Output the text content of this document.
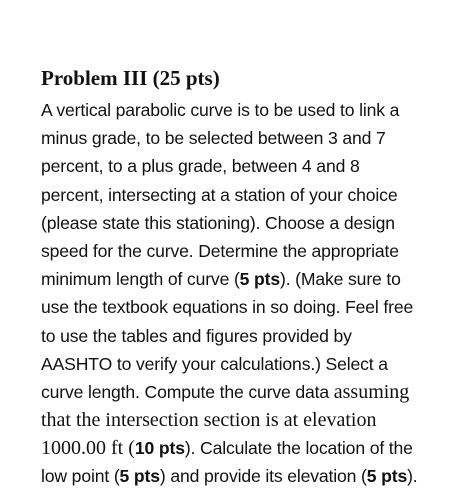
Problem III (25 pts)
A vertical parabolic curve is to be used to link a
minus grade, to be selected between 3 and 7
percent, to a plus grade, between 4 and 8
percent, intersecting at a station of your choice
(please state this stationing). Choose a design
speed for the curve. Determine the appropriate
minimum length of curve (5 pts). (Make sure to
use the textbook equations in so doing. Feel free
to use the tables and figures provided by
AASHTO to verify your calculations.) Select a
curve length. Compute the curve data assuming
that the intersection section is at elevation
1000.00 ft (10 pts). Calculate the location of the
low point (5 pts) and provide its elevation (5 pts).
